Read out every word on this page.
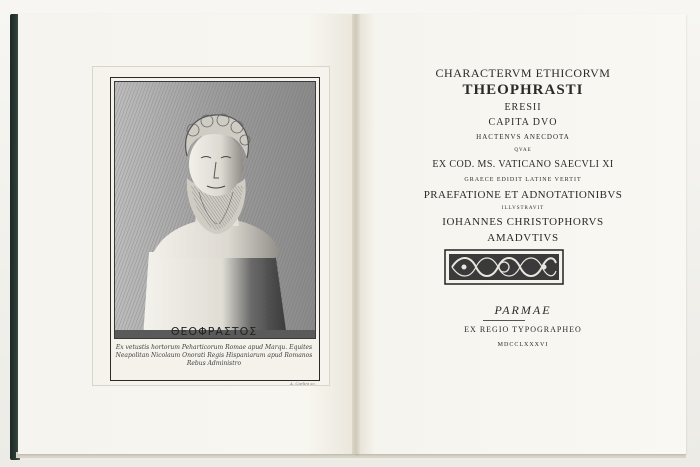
ΘΕΟΦΡΑΣΤΟΣ
Ex vetustis hortorum Peharticorum Romae apud Marqu. Equites Neapolitan Nicolaum Onorati Regis Hispaniarum apud Romanos Rebus Administro
A. Carlini sc.
CHARACTERVM ETHICORVM
THEOPHRASTI
ERESII
CAPITA DVO
HACTENVS ANECDOTA
QVAE
EX COD. MS. VATICANO SAECVLI XI
GRAECE EDIDIT LATINE VERTIT
PRAEFATIONE ET ADNOTATIONIBVS
ILLVSTRAVIT
IOHANNES CHRISTOPHORVS
AMADVTIVS
PARMAE
EX REGIO TYPOGRAPHEO
MDCCLXXXVI
